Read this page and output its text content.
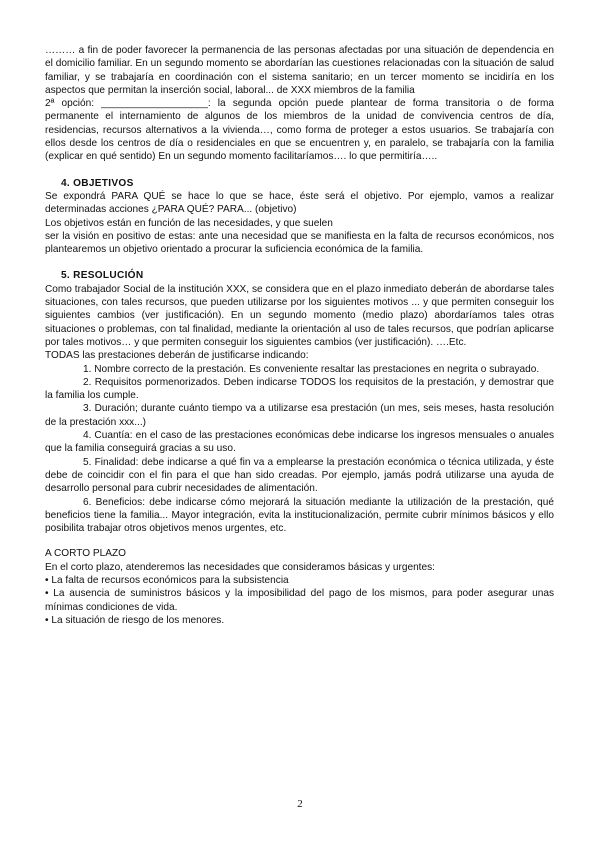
……… a fin de poder favorecer la permanencia de las personas afectadas por una situación de dependencia en el domicilio familiar. En un segundo momento se abordarían las cuestiones relacionadas con la situación de salud familiar, y se trabajaría en coordinación con el sistema sanitario; en un tercer momento se incidiría en los aspectos que permitan la inserción social, laboral... de XXX miembros de la familia

2ª opción: ___________________: la segunda opción puede plantear de forma transitoria o de forma permanente el internamiento de algunos de los miembros de la unidad de convivencia centros de día, residencias, recursos alternativos a la vivienda…, como forma de proteger a estos usuarios. Se trabajaría con ellos desde los centros de día o residenciales en que se encuentren y, en paralelo, se trabajaría con la familia (explicar en qué sentido) En un segundo momento facilitaríamos…. lo que permitiría…..

4. OBJETIVOS

Se expondrá PARA QUÉ se hace lo que se hace, éste será el objetivo. Por ejemplo, vamos a realizar determinadas acciones ¿PARA QUÉ? PARA... (objetivo)

Los objetivos están en función de las necesidades, y que suelen

ser la visión en positivo de estas: ante una necesidad que se manifiesta en la falta de recursos económicos, nos plantearemos un objetivo orientado a procurar la suficiencia económica de la familia.

5. RESOLUCIÓN

Como trabajador Social de la institución XXX, se considera que en el plazo inmediato deberán de abordarse tales situaciones, con tales recursos, que pueden utilizarse por los siguientes motivos ... y que permiten conseguir los siguientes cambios (ver justificación). En un segundo momento (medio plazo) abordaríamos tales otras situaciones o problemas, con tal finalidad, mediante la orientación al uso de tales recursos, que podrían aplicarse por tales motivos… y que permiten conseguir los siguientes cambios (ver justificación). ….Etc.

TODAS las prestaciones deberán de justificarse indicando:

1. Nombre correcto de la prestación. Es conveniente resaltar las prestaciones en negrita o subrayado.

2. Requisitos pormenorizados. Deben indicarse TODOS los requisitos de la prestación, y demostrar que la familia los cumple.

3. Duración; durante cuánto tiempo va a utilizarse esa prestación (un mes, seis meses, hasta resolución de la prestación xxx...)

4. Cuantía: en el caso de las prestaciones económicas debe indicarse los ingresos mensuales o anuales que la familia conseguirá gracias a su uso.

5. Finalidad: debe indicarse a qué fin va a emplearse la prestación económica o técnica utilizada, y éste debe de coincidir con el fin para el que han sido creadas. Por ejemplo, jamás podrá utilizarse una ayuda de desarrollo personal para cubrir necesidades de alimentación.

6. Beneficios: debe indicarse cómo mejorará la situación mediante la utilización de la prestación, qué beneficios tiene la familia... Mayor integración, evita la institucionalización, permite cubrir mínimos básicos y ello posibilita trabajar otros objetivos menos urgentes, etc.

A CORTO PLAZO

En el corto plazo, atenderemos las necesidades que consideramos básicas y urgentes:

• La falta de recursos económicos para la subsistencia

• La ausencia de suministros básicos y la imposibilidad del pago de los mismos, para poder asegurar unas mínimas condiciones de vida.

• La situación de riesgo de los menores.

2
